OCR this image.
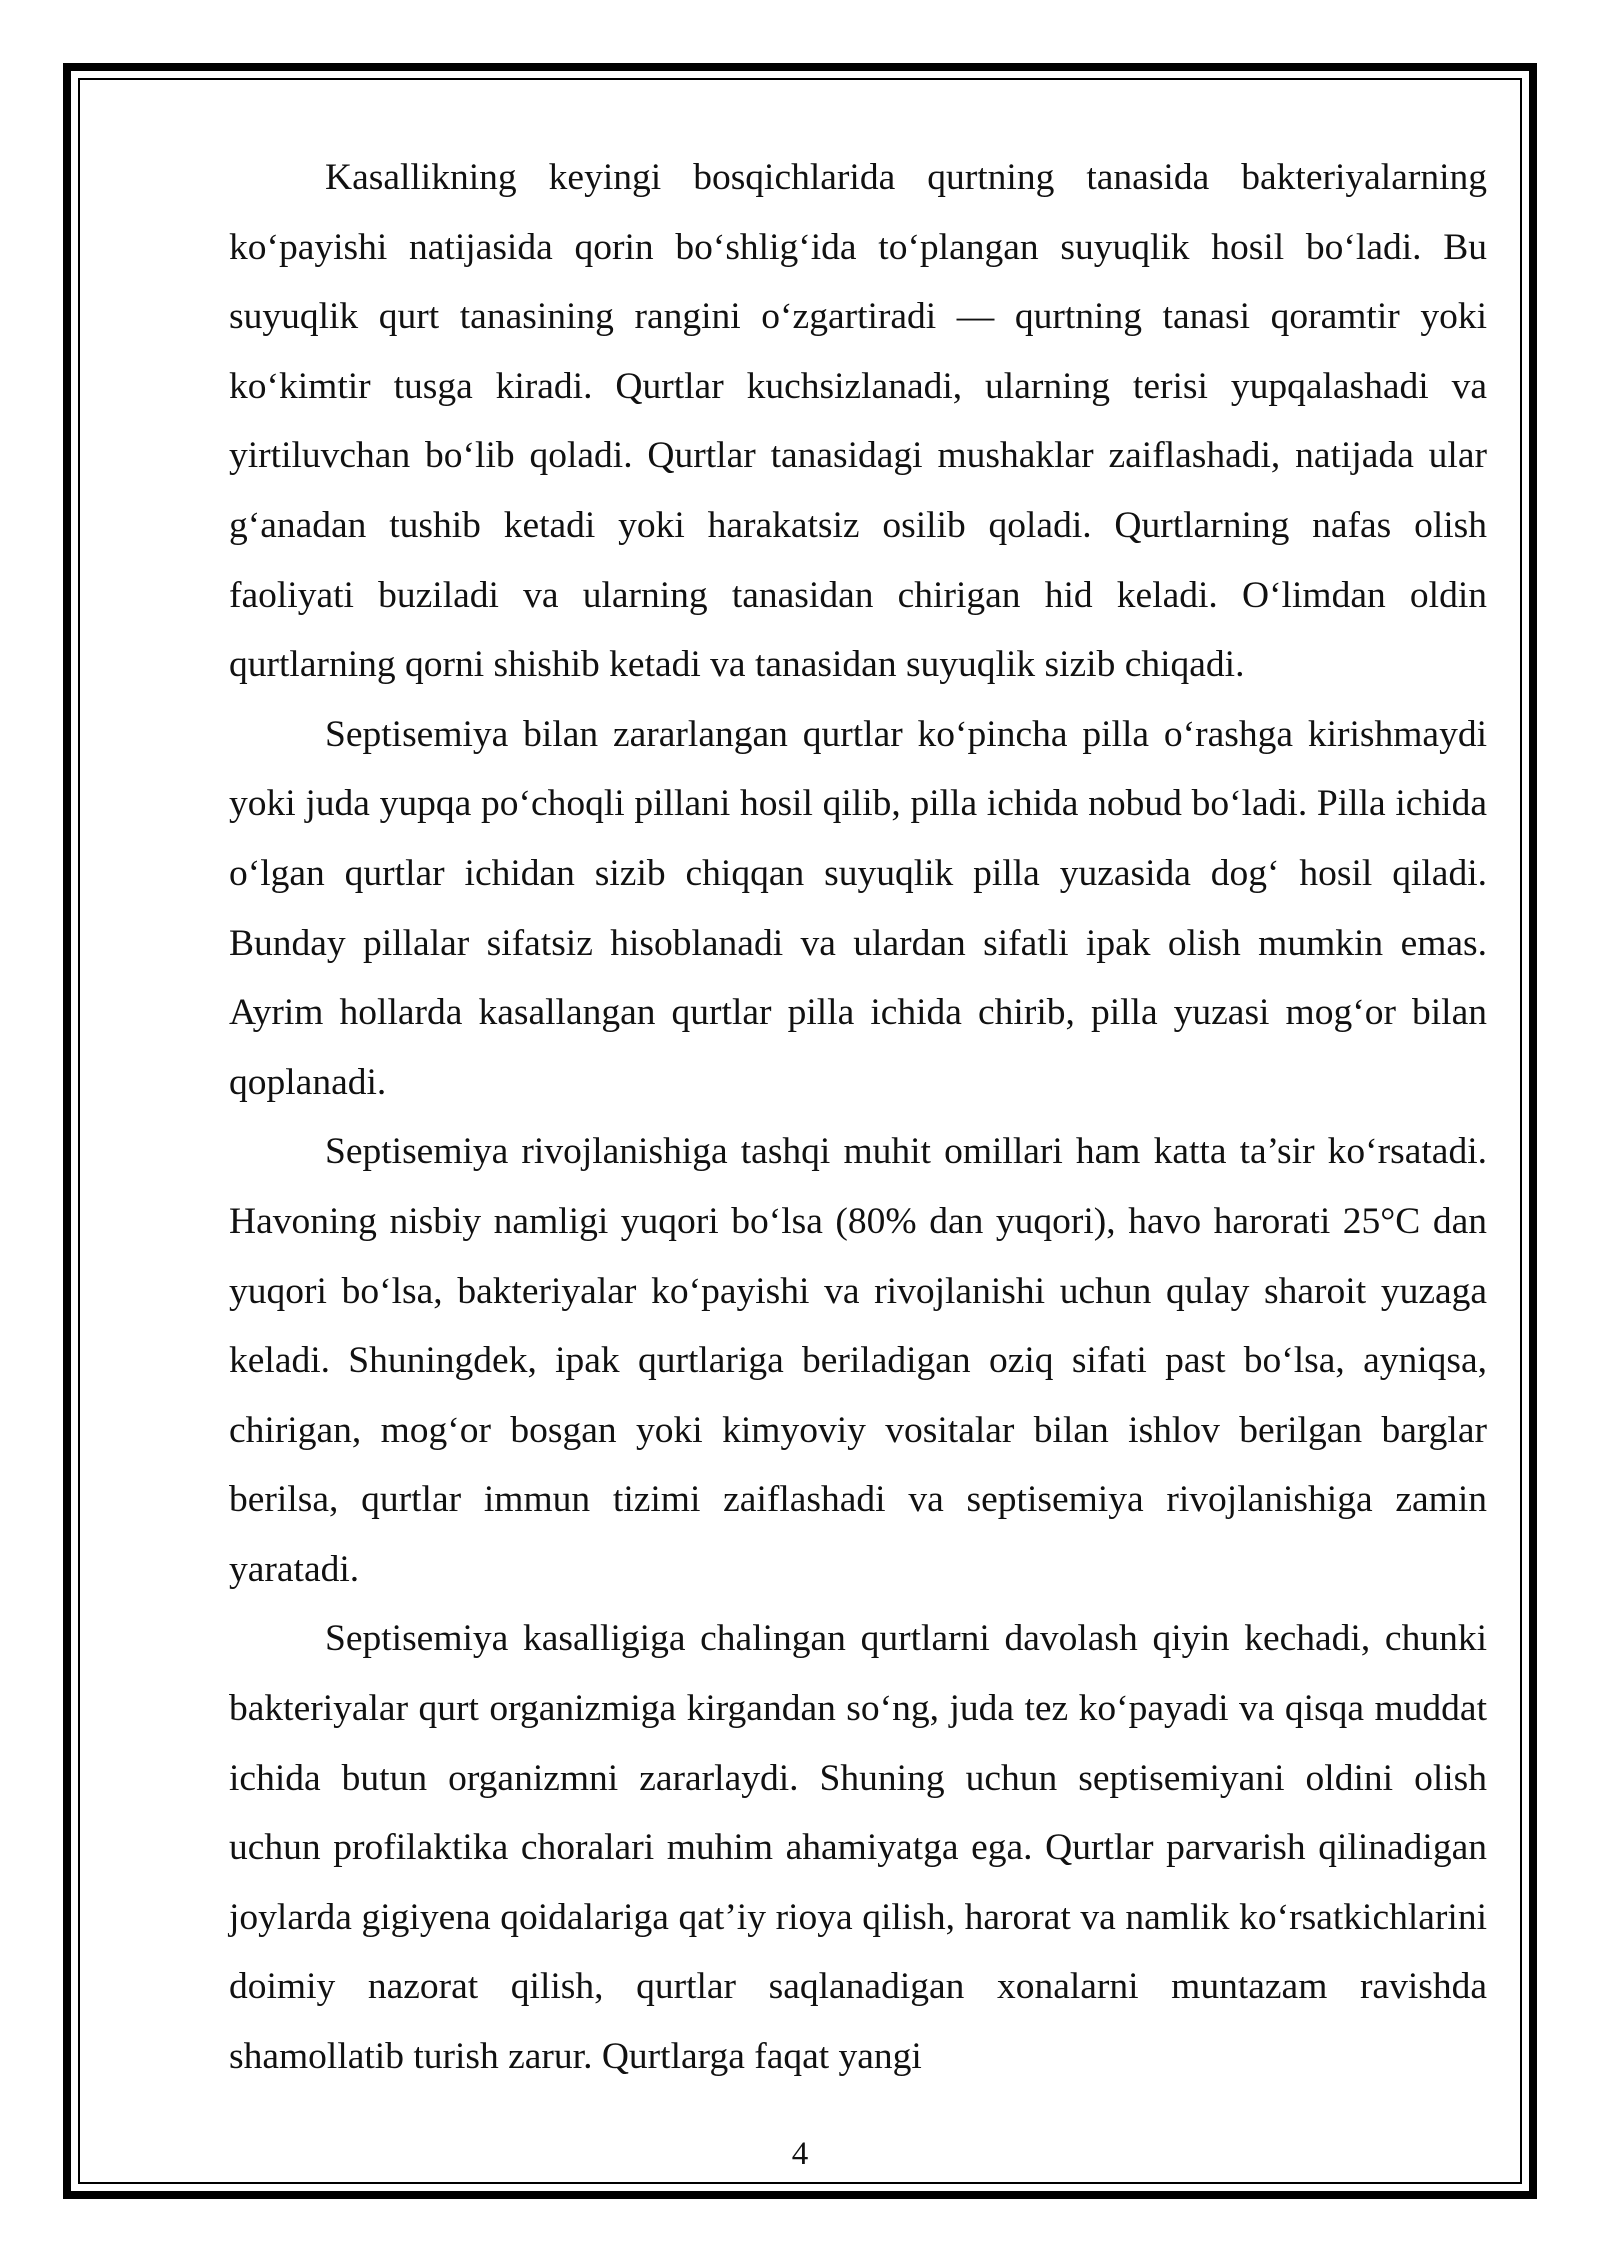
Kasallikning keyingi bosqichlarida qurtning tanasida bakteriyalarning ko‘payishi natijasida qorin bo‘shlig‘ida to‘plangan suyuqlik hosil bo‘ladi. Bu suyuqlik qurt tanasining rangini o‘zgartiradi — qurtning tanasi qoramtir yoki ko‘kimtir tusga kiradi. Qurtlar kuchsizlanadi, ularning terisi yupqalashadi va yirtiluvchan bo‘lib qoladi. Qurtlar tanasidagi mushaklar zaiflashadi, natijada ular g‘anadan tushib ketadi yoki harakatsiz osilib qoladi. Qurtlarning nafas olish faoliyati buziladi va ularning tanasidan chirigan hid keladi. O‘limdan oldin qurtlarning qorni shishib ketadi va tanasidan suyuqlik sizib chiqadi.

Septisemiya bilan zararlangan qurtlar ko‘pincha pilla o‘rashga kirishmaydi yoki juda yupqa po‘choqli pillani hosil qilib, pilla ichida nobud bo‘ladi. Pilla ichida o‘lgan qurtlar ichidan sizib chiqqan suyuqlik pilla yuzasida dog‘ hosil qiladi. Bunday pillalar sifatsiz hisoblanadi va ulardan sifatli ipak olish mumkin emas. Ayrim hollarda kasallangan qurtlar pilla ichida chirib, pilla yuzasi mog‘or bilan qoplanadi.

Septisemiya rivojlanishiga tashqi muhit omillari ham katta ta’sir ko‘rsatadi. Havoning nisbiy namligi yuqori bo‘lsa (80% dan yuqori), havo harorati 25°C dan yuqori bo‘lsa, bakteriyalar ko‘payishi va rivojlanishi uchun qulay sharoit yuzaga keladi. Shuningdek, ipak qurtlariga beriladigan oziq sifati past bo‘lsa, ayniqsa, chirigan, mog‘or bosgan yoki kimyoviy vositalar bilan ishlov berilgan barglar berilsa, qurtlar immun tizimi zaiflashadi va septisemiya rivojlanishiga zamin yaratadi.

Septisemiya kasalligiga chalingan qurtlarni davolash qiyin kechadi, chunki bakteriyalar qurt organizmiga kirgandan so‘ng, juda tez ko‘payadi va qisqa muddat ichida butun organizmni zararlaydi. Shuning uchun septisemiyani oldini olish uchun profilaktika choralari muhim ahamiyatga ega. Qurtlar parvarish qilinadigan joylarda gigiyena qoidalariga qat’iy rioya qilish, harorat va namlik ko‘rsatkichlarini doimiy nazorat qilish, qurtlar saqlanadigan xonalarni muntazam ravishda shamollatib turish zarur. Qurtlarga faqat yangi

4
